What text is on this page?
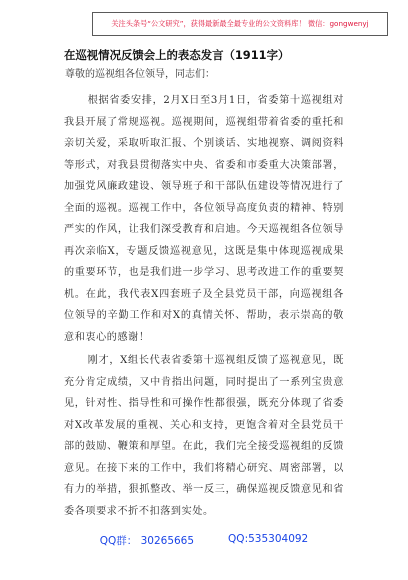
关注头条号“公文研究”，获得最新最全最专业的公文资料库！ 微信：gongwenyj
在巡视情况反馈会上的表态发言（1911字）
尊敬的巡视组各位领导，同志们：

根据省委安排，2月X日至3月1日，省委第十巡视组对我县开展了常规巡视。巡视期间，巡视组带着省委的重托和亲切关爱，采取听取汇报、个别谈话、实地视察、调阅资料等形式，对我县贯彻落实中央、省委和市委重大决策部署，加强党风廉政建设、领导班子和干部队伍建设等情况进行了全面的巡视。巡视工作中，各位领导高度负责的精神、特别严实的作风，让我们深受教育和启迪。今天巡视组各位领导再次亲临X，专题反馈巡视意见，这既是集中体现巡视成果的重要环节，也是我们进一步学习、思考改进工作的重要契机。在此，我代表X四套班子及全县党员干部，向巡视组各位领导的辛勤工作和对X的真情关怀、帮助，表示崇高的敬意和衷心的感谢！

刚才，X组长代表省委第十巡视组反馈了巡视意见，既充分肯定成绩，又中肯指出问题，同时提出了一系列宝贵意见，针对性、指导性和可操作性都很强，既充分体现了省委对X改革发展的重视、关心和支持，更饱含着对全县党员干部的鼓励、鞭策和厚望。在此，我们完全接受巡视组的反馈意见。在接下来的工作中，我们将精心研究、周密部署，以有力的举措，狠抓整改、举一反三，确保巡视反馈意见和省委各项要求不折不扣落到实处。

QQ群： 30265665	QQ:535304092
